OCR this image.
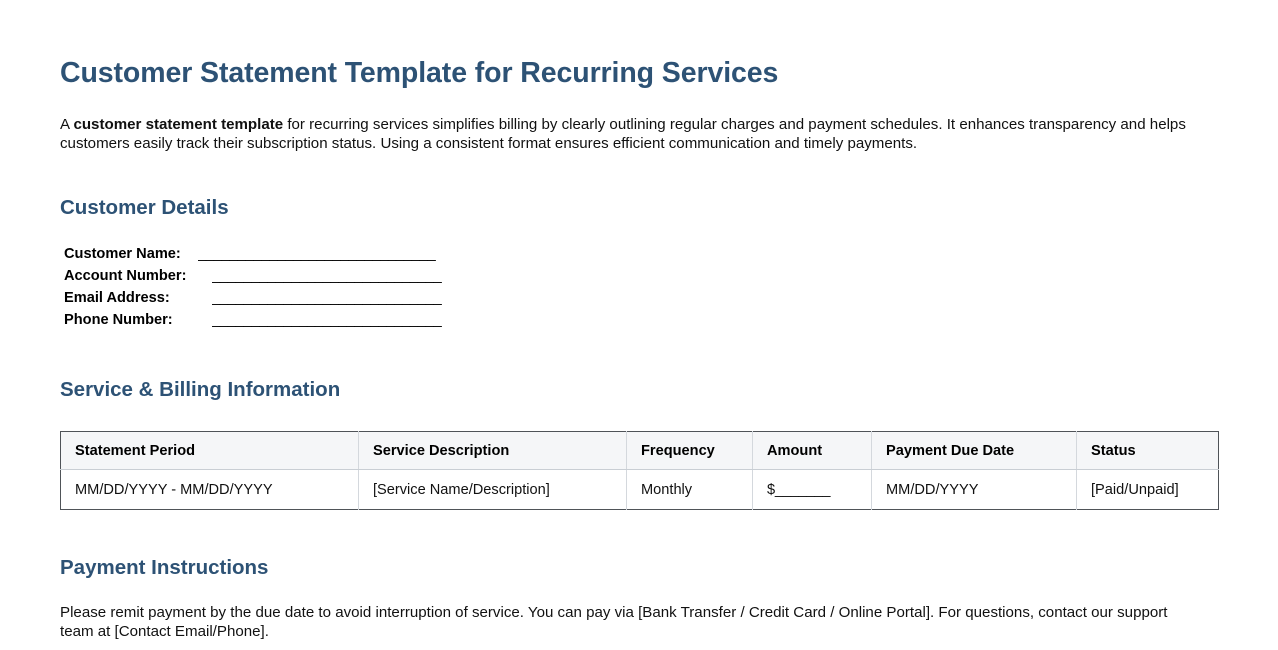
Customer Statement Template for Recurring Services

A customer statement template for recurring services simplifies billing by clearly outlining regular charges and payment schedules. It enhances transparency and helps customers easily track their subscription status. Using a consistent format ensures efficient communication and timely payments.

Customer Details
Customer Name:	______________________________
Account Number:	_____________________________
Email Address:	_____________________________
Phone Number:	_____________________________
Service & Billing Information
Statement Period	Service Description	Frequency	Amount	Payment Due Date	Status
MM/DD/YYYY - MM/DD/YYYY	[Service Name/Description]	Monthly	$_______	MM/DD/YYYY	[Paid/Unpaid]
Payment Instructions

Please remit payment by the due date to avoid interruption of service. You can pay via [Bank Transfer / Credit Card / Online Portal]. For questions, contact our support team at [Contact Email/Phone].
